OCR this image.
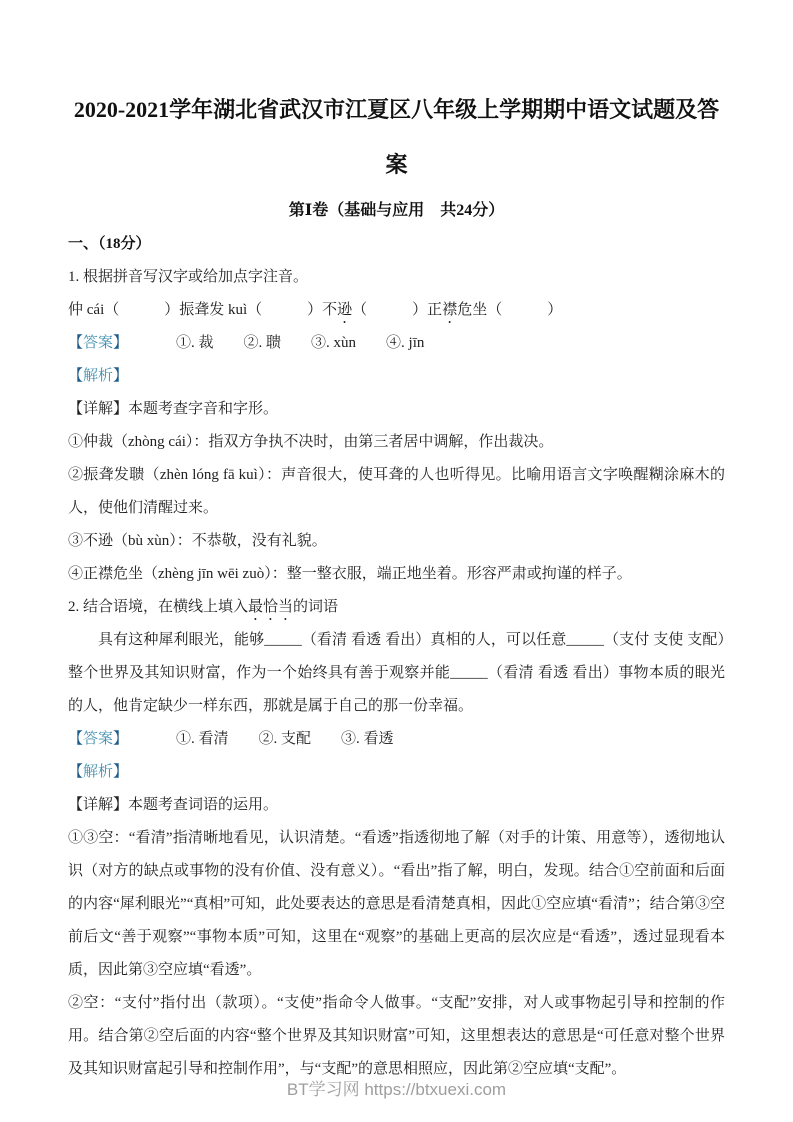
2020-2021学年湖北省武汉市江夏区八年级上学期期中语文试题及答案
第Ⅰ卷（基础与应用　共24分）

一、（18分）

1. 根据拼音写汉字或给加点字注音。

仲 cái（　　　）振聋发 kuì（　　　）不逊（　　　）正襟危坐（　　　）

【答案】	①. 裁　　②. 聩　　③. xùn　　④. jīn

【解析】

【详解】本题考查字音和字形。

①仲裁（zhòng cái）：指双方争执不决时，由第三者居中调解，作出裁决。

②振聋发聩（zhèn lóng fā kuì）：声音很大，使耳聋的人也听得见。比喻用语言文字唤醒糊涂麻木的人，使他们清醒过来。

③不逊（bù xùn）：不恭敬，没有礼貌。

④正襟危坐（zhèng jīn wēi zuò）：整一整衣服，端正地坐着。形容严肃或拘谨的样子。

2. 结合语境，在横线上填入最恰当的词语

具有这种犀利眼光，能够_____（看清 看透 看出）真相的人，可以任意_____（支付 支使 支配）整个世界及其知识财富，作为一个始终具有善于观察并能_____（看清 看透 看出）事物本质的眼光的人，他肯定缺少一样东西，那就是属于自己的那一份幸福。

【答案】	①. 看清　　②. 支配　　③. 看透

【解析】

【详解】本题考查词语的运用。

①③空：“看清”指清晰地看见，认识清楚。“看透”指透彻地了解（对手的计策、用意等），透彻地认识（对方的缺点或事物的没有价值、没有意义）。“看出”指了解，明白，发现。结合①空前面和后面的内容“犀利眼光”“真相”可知，此处要表达的意思是看清楚真相，因此①空应填“看清”；结合第③空前后文“善于观察”“事物本质”可知，这里在“观察”的基础上更高的层次应是“看透”，透过显现看本质，因此第③空应填“看透”。

②空：“支付”指付出（款项）。“支使”指命令人做事。“支配”安排，对人或事物起引导和控制的作用。结合第②空后面的内容“整个世界及其知识财富”可知，这里想表达的意思是“可任意对整个世界及其知识财富起引导和控制作用”，与“支配”的意思相照应，因此第②空应填“支配”。

BT学习网 https://btxuexi.com
